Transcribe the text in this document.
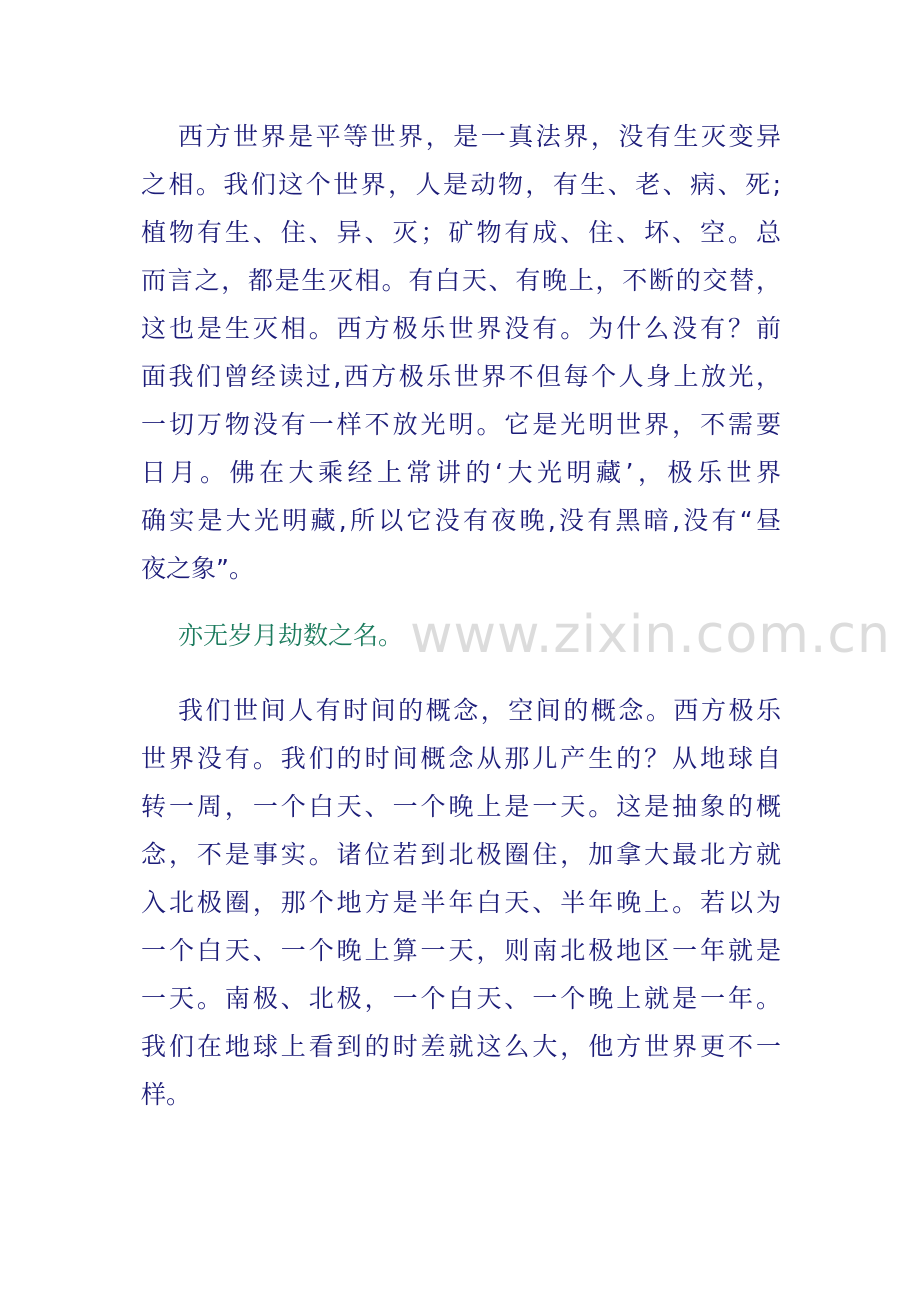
西方世界是平等世界，是一真法界，没有生灭变异
之相。我们这个世界，人是动物，有生、老、病、死;
植物有生、住、异、灭；矿物有成、住、坏、空。总
而言之，都是生灭相。有白天、有晚上，不断的交替，
这也是生灭相。西方极乐世界没有。为什么没有？前
面我们曾经读过,西方极乐世界不但每个人身上放光，
一切万物没有一样不放光明。它是光明世界，不需要
日月。佛在大乘经上常讲的‘大光明藏’，极乐世界
确实是大光明藏,所以它没有夜晚,没有黑暗,没有“昼
夜之象”。
亦无岁月劫数之名。
我们世间人有时间的概念，空间的概念。西方极乐
世界没有。我们的时间概念从那儿产生的？从地球自
转一周，一个白天、一个晚上是一天。这是抽象的概
念，不是事实。诸位若到北极圈住，加拿大最北方就
入北极圈，那个地方是半年白天、半年晚上。若以为
一个白天、一个晚上算一天，则南北极地区一年就是
一天。南极、北极，一个白天、一个晚上就是一年。
我们在地球上看到的时差就这么大，他方世界更不一
样。
www.zixin.com.cn
